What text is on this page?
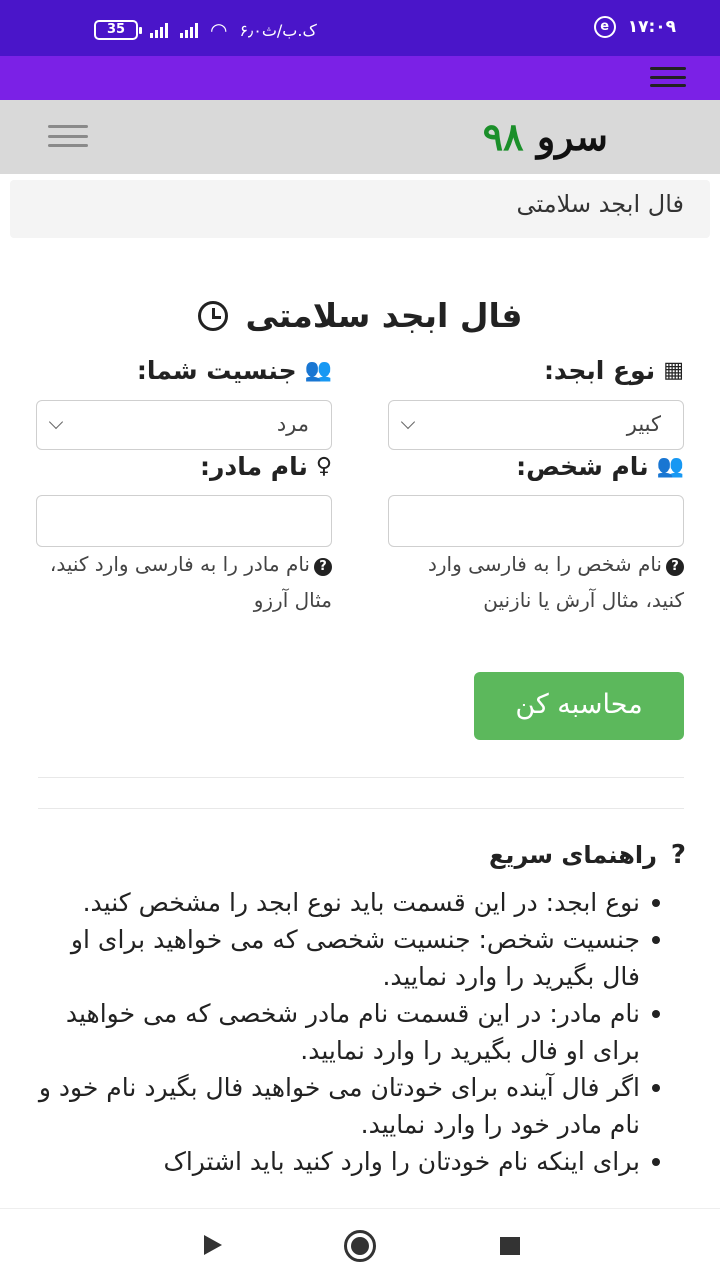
35	◠ ۶٫۰ک.ب/ث	e	۱۷:۰۹
سرو ۹۸
فال ابجد سلامتی
فال ابجد سلامتی
▦
نوع ابجد:
کبیر
👥
جنسیت شما:
مرد
👥
نام شخص:
♀
نام مادر:
?نام شخص را به فارسی وارد کنید، مثال آرش یا نازنین
?نام مادر را به فارسی وارد کنید، مثال آرزو
محاسبه کن
?
راهنمای سریع
نوع ابجد: در این قسمت باید نوع ابجد را مشخص کنید.
جنسیت شخص: جنسیت شخصی که می خواهید برای او فال بگیرید را وارد نمایید.
نام مادر: در این قسمت نام مادر شخصی که می خواهید برای او فال بگیرید را وارد نمایید.
اگر فال آینده برای خودتان می خواهید فال بگیرد نام خود و نام مادر خود را وارد نمایید.
برای اینکه نام خودتان را وارد کنید باید اشتراک
